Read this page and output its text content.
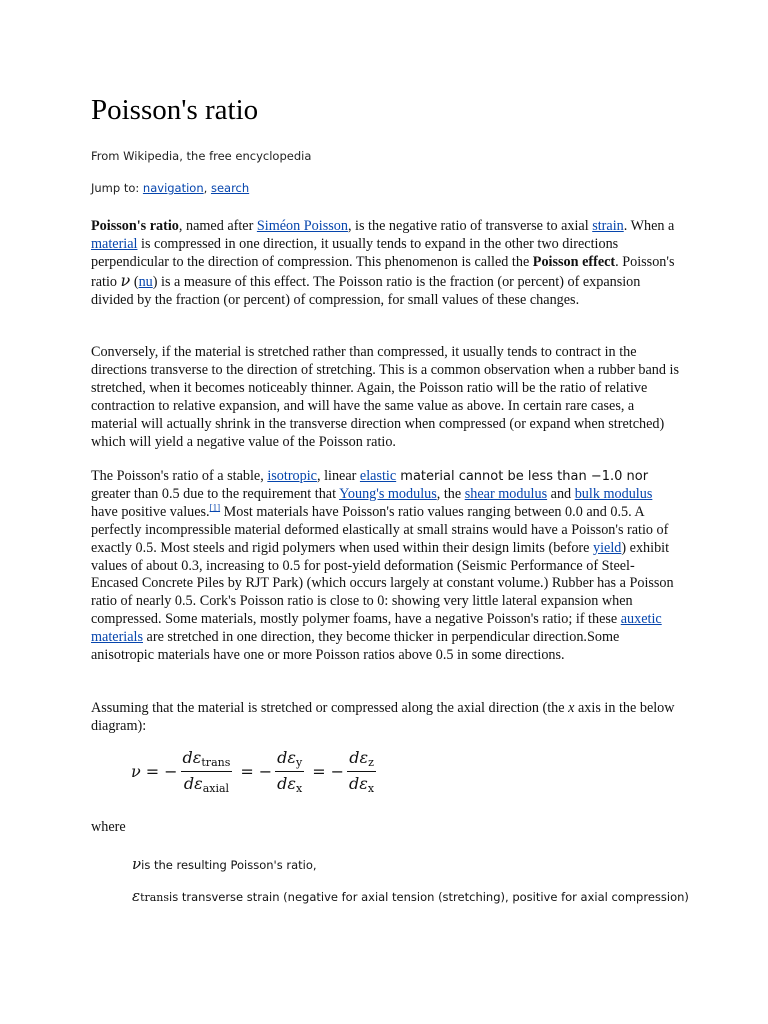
Poisson's ratio
From Wikipedia, the free encyclopedia
Jump to: navigation, search

Poisson's ratio, named after Siméon Poisson, is the negative ratio of transverse to axial strain. When a material is compressed in one direction, it usually tends to expand in the other two directions perpendicular to the direction of compression. This phenomenon is called the Poisson effect. Poisson's ratio ν (nu) is a measure of this effect. The Poisson ratio is the fraction (or percent) of expansion divided by the fraction (or percent) of compression, for small values of these changes.

Conversely, if the material is stretched rather than compressed, it usually tends to contract in the directions transverse to the direction of stretching. This is a common observation when a rubber band is stretched, when it becomes noticeably thinner. Again, the Poisson ratio will be the ratio of relative contraction to relative expansion, and will have the same value as above. In certain rare cases, a material will actually shrink in the transverse direction when compressed (or expand when stretched) which will yield a negative value of the Poisson ratio.

The Poisson's ratio of a stable, isotropic, linear elastic material cannot be less than −1.0 nor greater than 0.5 due to the requirement that Young's modulus, the shear modulus and bulk modulus have positive values.[1] Most materials have Poisson's ratio values ranging between 0.0 and 0.5. A perfectly incompressible material deformed elastically at small strains would have a Poisson's ratio of exactly 0.5. Most steels and rigid polymers when used within their design limits (before yield) exhibit values of about 0.3, increasing to 0.5 for post-yield deformation (Seismic Performance of Steel-Encased Concrete Piles by RJT Park) (which occurs largely at constant volume.) Rubber has a Poisson ratio of nearly 0.5. Cork's Poisson ratio is close to 0: showing very little lateral expansion when compressed. Some materials, mostly polymer foams, have a negative Poisson's ratio; if these auxetic materials are stretched in one direction, they become thicker in perpendicular direction.Some anisotropic materials have one or more Poisson ratios above 0.5 in some directions.

Assuming that the material is stretched or compressed along the axial direction (the x axis in the below diagram):

ν = − $\frac{d\varepsilon_{trans}}{d\varepsilon_{axial}}$ = − $\frac{d\varepsilon_y}{d\varepsilon_x}$ = − $\frac{d\varepsilon_z}{d\varepsilon_x}$

where

νis the resulting Poisson's ratio,
εtransis transverse strain (negative for axial tension (stretching), positive for axial compression)
